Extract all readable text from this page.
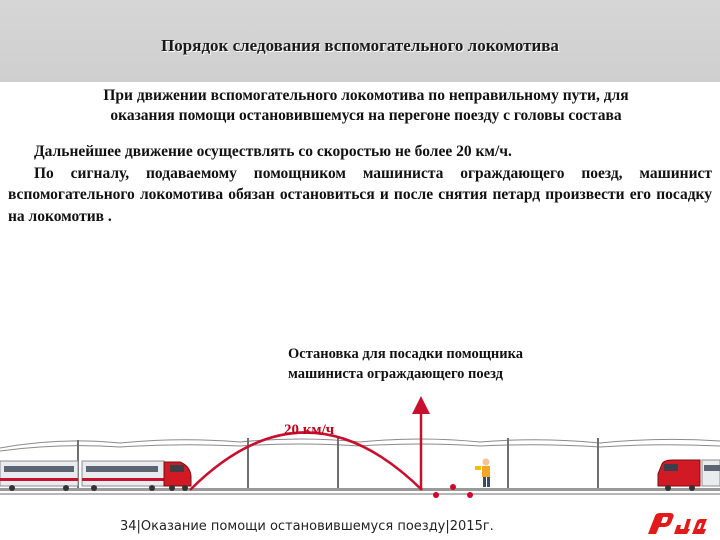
Порядок следования вспомогательного локомотива
При движении вспомогательного локомотива по неправильному пути, для
оказания помощи остановившемуся на перегоне поезду с головы состава
Дальнейшее движение осуществлять со скоростью не более 20 км/ч.
По сигналу, подаваемому помощником машиниста ограждающего поезд, машинист вспомогательного локомотива обязан остановиться и после снятия петард произвести его посадку на локомотив .
Остановка для посадки помощника
машиниста ограждающего поезд
20 км/ч
34|Оказание помощи остановившемуся поезду|2015г.
